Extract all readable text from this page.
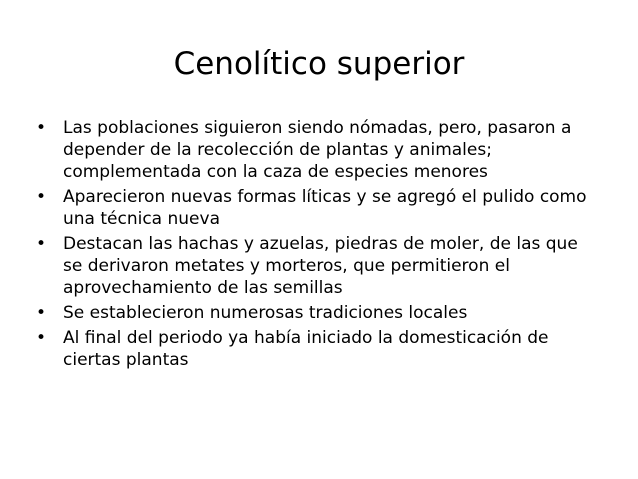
Cenolítico superior
• Las poblaciones siguieron siendo nómadas, pero, pasaron a depender de la recolección de plantas y animales; complementada con la caza de especies menores
• Aparecieron nuevas formas líticas y se agregó el pulido como una técnica nueva
• Destacan las hachas y azuelas, piedras de moler, de las que se derivaron metates y morteros, que permitieron el aprovechamiento de las semillas
• Se establecieron numerosas tradiciones locales
• Al final del periodo ya había iniciado la domesticación de ciertas plantas
